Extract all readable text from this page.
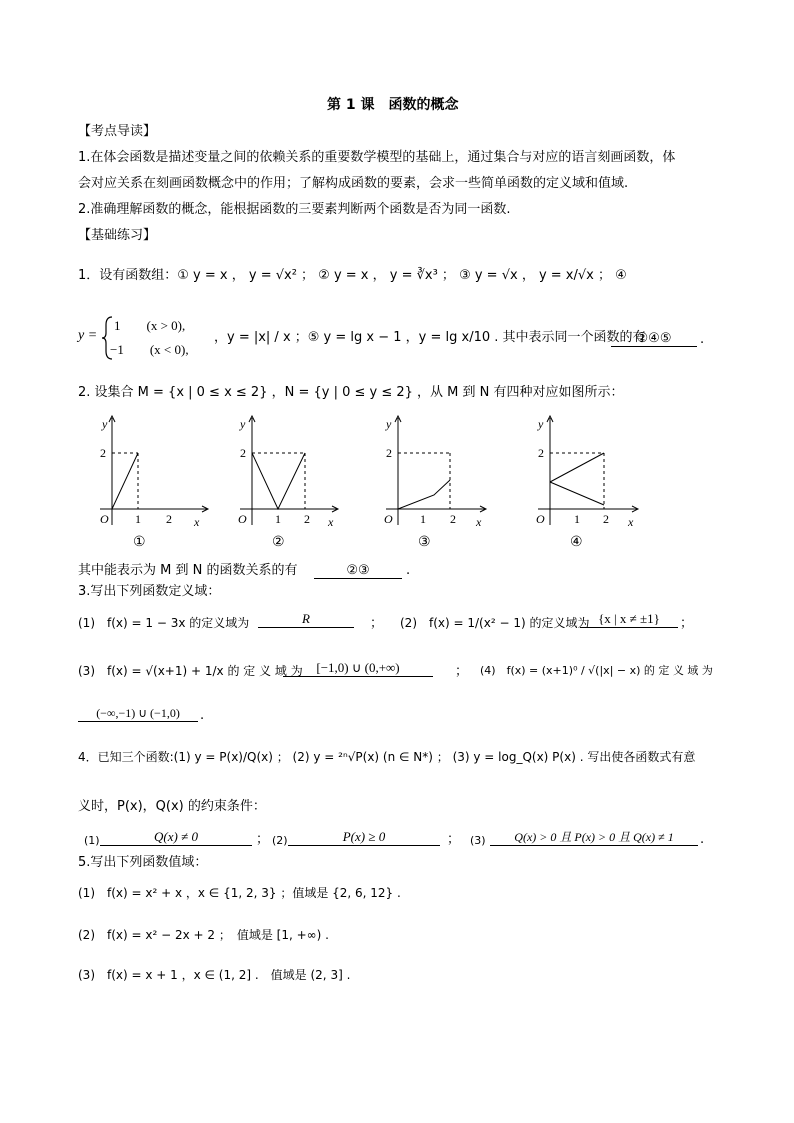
第 1 课　函数的概念
【考点导读】
1.在体会函数是描述变量之间的依赖关系的重要数学模型的基础上，通过集合与对应的语言刻画函数，体
会对应关系在刻画函数概念中的作用；了解构成函数的要素，会求一些简单函数的定义域和值域.
2.准确理解函数的概念，能根据函数的三要素判断两个函数是否为同一函数.
【基础练习】
1．设有函数组：① y = x ， y = √x² ； ② y = x ， y = ∛x³ ； ③ y = √x ， y = x/√x ； ④
y =
1　　(x > 0),
−1　　(x < 0),
，y = |x| / x ；⑤ y = lg x − 1 ，y = lg x/10 . 其中表示同一个函数的有
②④⑤	.
2. 设集合 M = {x | 0 ≤ x ≤ 2} ，N = {y | 0 ≤ y ≤ 2} ，从 M 到 N 有四种对应如图所示：
y
2
O 1 2 x
y
2
O 1 2 x
y
2
O 1 2 x
y
2
O 1 2 x
①	②	③	④
其中能表示为 M 到 N 的函数关系的有	②③	.
3.写出下列函数定义域：
(1)　f(x) = 1 − 3x 的定义域为	R	； (2)　f(x) = 1/(x² − 1) 的定义域为 {x | x ≠ ±1}	；
(3)　f(x) = √(x+1) + 1/x 的 定 义 域 为	[−1,0) ∪ (0,+∞)	； (4)　f(x) = (x+1)⁰ / √(|x| − x) 的 定 义 域 为
(−∞,−1) ∪ (−1,0)	.
4．已知三个函数:(1) y = P(x)/Q(x) ； (2) y = ²ⁿ√P(x) (n ∈ N*) ； (3) y = log_Q(x) P(x) . 写出使各函数式有意
义时，P(x)，Q(x) 的约束条件：
(1)	Q(x) ≠ 0	； (2)	P(x) ≥ 0	； (3)	Q(x) > 0 且 P(x) > 0 且 Q(x) ≠ 1	.
5.写出下列函数值域：
(1)　f(x) = x² + x ，x ∈ {1, 2, 3} ；值域是 {2, 6, 12} .
(2)　f(x) = x² − 2x + 2 ；　值域是 [1, +∞) .
(3)　f(x) = x + 1 ，x ∈ (1, 2] .　值域是 (2, 3] .
